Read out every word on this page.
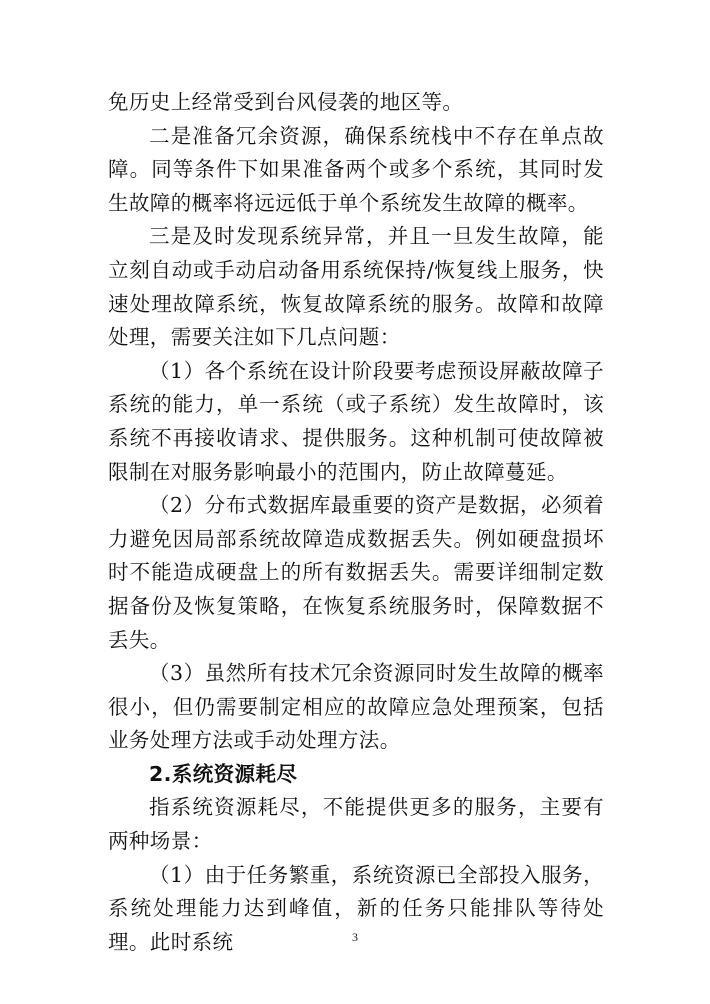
免历史上经常受到台风侵袭的地区等。

二是准备冗余资源，确保系统栈中不存在单点故障。同等条件下如果准备两个或多个系统，其同时发生故障的概率将远远低于单个系统发生故障的概率。

三是及时发现系统异常，并且一旦发生故障，能立刻自动或手动启动备用系统保持/恢复线上服务，快速处理故障系统，恢复故障系统的服务。故障和故障处理，需要关注如下几点问题：

（1）各个系统在设计阶段要考虑预设屏蔽故障子系统的能力，单一系统（或子系统）发生故障时，该系统不再接收请求、提供服务。这种机制可使故障被限制在对服务影响最小的范围内，防止故障蔓延。

（2）分布式数据库最重要的资产是数据，必须着力避免因局部系统故障造成数据丢失。例如硬盘损坏时不能造成硬盘上的所有数据丢失。需要详细制定数据备份及恢复策略，在恢复系统服务时，保障数据不丢失。

（3）虽然所有技术冗余资源同时发生故障的概率很小，但仍需要制定相应的故障应急处理预案，包括业务处理方法或手动处理方法。

2.系统资源耗尽

指系统资源耗尽，不能提供更多的服务，主要有两种场景：

（1）由于任务繁重，系统资源已全部投入服务，系统处理能力达到峰值，新的任务只能排队等待处理。此时系统	3
